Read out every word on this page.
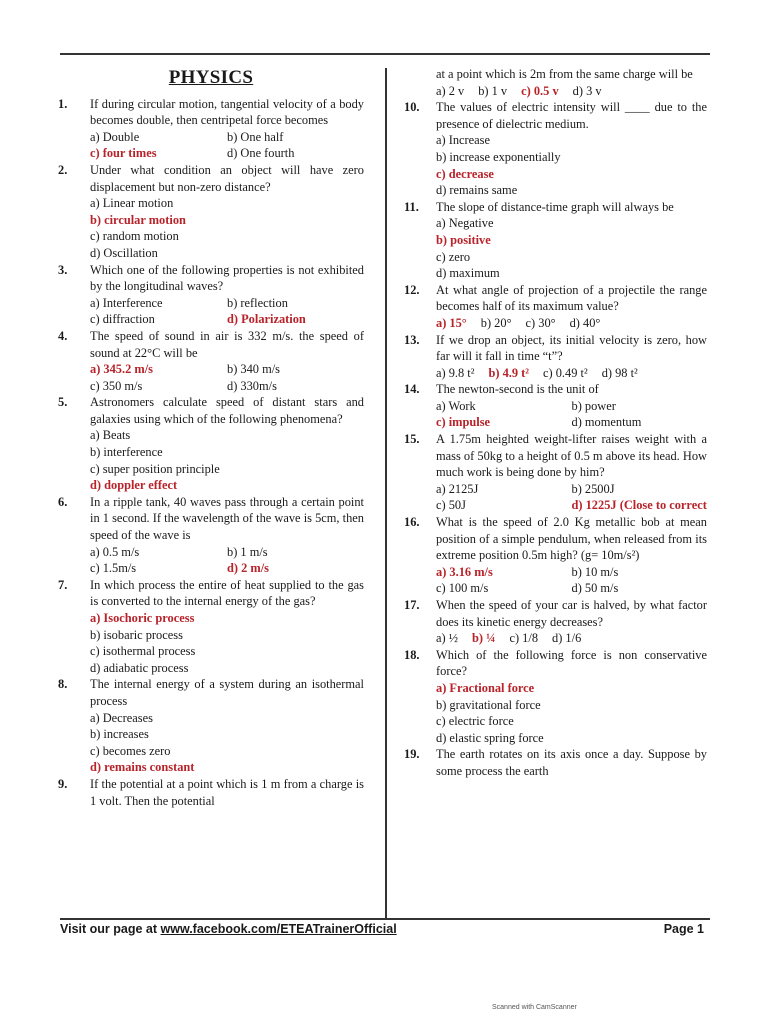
PHYSICS
1.	If during circular motion, tangential velocity of a body becomes double, then centripetal force becomes
a) Double	b) One half
c) four times	d) One fourth
2.	Under what condition an object will have zero displacement but non-zero distance?
a) Linear motion
b) circular motion
c) random motion
d) Oscillation
3.	Which one of the following properties is not exhibited by the longitudinal waves?
a) Interference	b) reflection
c) diffraction	d) Polarization
4.	The speed of sound in air is 332 m/s. the speed of sound at 22°C will be
a) 345.2 m/s	b) 340 m/s
c) 350 m/s	d) 330m/s
5.	Astronomers calculate speed of distant stars and galaxies using which of the following phenomena?
a) Beats
b) interference
c) super position principle
d) doppler effect
6.	In a ripple tank, 40 waves pass through a certain point in 1 second. If the wavelength of the wave is 5cm, then speed of the wave is
a) 0.5 m/s	b) 1 m/s
c) 1.5m/s	d) 2 m/s
7.	In which process the entire of heat supplied to the gas is converted to the internal energy of the gas?
a) Isochoric process
b) isobaric process
c) isothermal process
d) adiabatic process
8.	The internal energy of a system during an isothermal process
a) Decreases
b) increases
c) becomes zero
d) remains constant
9.	If the potential at a point which is 1 m from a charge is 1 volt. Then the potential
at a point which is 2m from the same charge will be
a) 2 v b) 1 v c) 0.5 v d) 3 v
10.	The values of electric intensity will ____ due to the presence of dielectric medium.
a) Increase
b) increase exponentially
c) decrease
d) remains same
11.	The slope of distance-time graph will always be
a) Negative
b) positive
c) zero
d) maximum
12.	At what angle of projection of a projectile the range becomes half of its maximum value?
a) 15° b) 20° c) 30° d) 40°
13.	If we drop an object, its initial velocity is zero, how far will it fall in time “t”?
a) 9.8 t² b) 4.9 t² c) 0.49 t² d) 98 t²
14.	The newton-second is the unit of
a) Work	b) power
c) impulse	d) momentum
15.	A 1.75m heighted weight-lifter raises weight with a mass of 50kg to a height of 0.5 m above its head. How much work is being done by him?
a) 2125J	b) 2500J
c) 50J	d) 1225J (Close to correct
16.	What is the speed of 2.0 Kg metallic bob at mean position of a simple pendulum, when released from its extreme position 0.5m high? (g= 10m/s²)
a) 3.16 m/s	b) 10 m/s
c) 100 m/s	d) 50 m/s
17.	When the speed of your car is halved, by what factor does its kinetic energy decreases?
a) ½ b) ¼ c) 1/8 d) 1/6
18.	Which of the following force is non conservative force?
a) Fractional force
b) gravitational force
c) electric force
d) elastic spring force
19.	The earth rotates on its axis once a day. Suppose by some process the earth
Visit our page at www.facebook.com/ETEATrainerOfficial	Page 1
Scanned with CamScanner
